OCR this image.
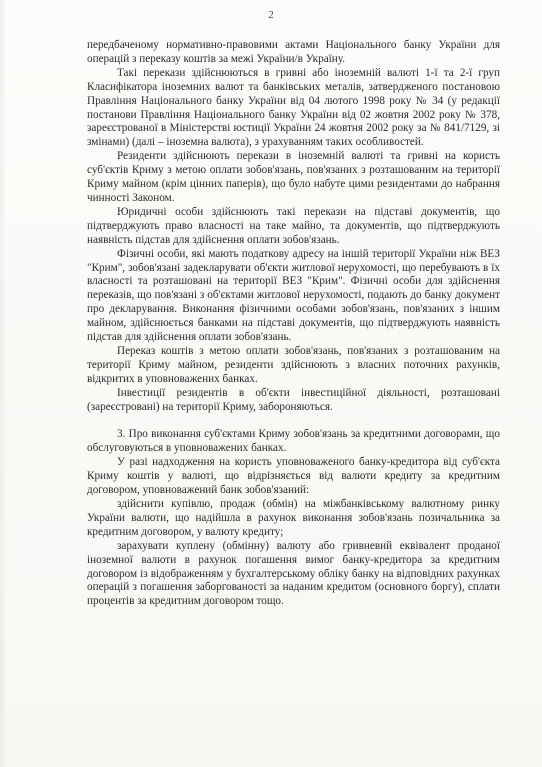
2

передбаченому нормативно-правовими актами Національного банку України для операцій з переказу коштів за межі України/в Україну.

Такі перекази здійснюються в гривні або іноземній валюті 1-ї та 2-ї груп Класифікатора іноземних валют та банківських металів, затвердженого постановою Правління Національного банку України від 04 лютого 1998 року № 34 (у редакції постанови Правління Національного банку України від 02 жовтня 2002 року № 378, зареєстрованої в Міністерстві юстиції України 24 жовтня 2002 року за № 841/7129, зі змінами) (далі – іноземна валюта), з урахуванням таких особливостей.

Резиденти здійснюють перекази в іноземній валюті та гривні на користь суб'єктів Криму з метою оплати зобов'язань, пов'язаних з розташованим на території Криму майном (крім цінних паперів), що було набуте цими резидентами до набрання чинності Законом.

Юридичні особи здійснюють такі перекази на підставі документів, що підтверджують право власності на таке майно, та документів, що підтверджують наявність підстав для здійснення оплати зобов'язань.

Фізичні особи, які мають податкову адресу на іншій території України ніж ВЕЗ "Крим", зобов'язані задекларувати об'єкти житлової нерухомості, що перебувають в їх власності та розташовані на території ВЕЗ "Крим". Фізичні особи для здійснення переказів, що пов'язані з об'єктами житлової нерухомості, подають до банку документ про декларування. Виконання фізичними особами зобов'язань, пов'язаних з іншим майном, здійснюється банками на підставі документів, що підтверджують наявність підстав для здійснення оплати зобов'язань.

Переказ коштів з метою оплати зобов'язань, пов'язаних з розташованим на території Криму майном, резиденти здійснюють з власних поточних рахунків, відкритих в уповноважених банках.

Інвестиції резидентів в об'єкти інвестиційної діяльності, розташовані (зареєстровані) на території Криму, забороняються.

3. Про виконання суб'єктами Криму зобов'язань за кредитними договорами, що обслуговуються в уповноважених банках.

У разі надходження на користь уповноваженого банку-кредитора від суб'єкта Криму коштів у валюті, що відрізняється від валюти кредиту за кредитним договором, уповноважений банк зобов'язаний:

здійснити купівлю, продаж (обмін) на міжбанківському валютному ринку України валюти, що надійшла в рахунок виконання зобов'язань позичальника за кредитним договором, у валюту кредиту;

зарахувати куплену (обмінну) валюту або гривневий еквівалент проданої іноземної валюти в рахунок погашення вимог банку-кредитора за кредитним договором із відображенням у бухгалтерському обліку банку на відповідних рахунках операцій з погашення заборгованості за наданим кредитом (основного боргу), сплати процентів за кредитним договором тощо.
